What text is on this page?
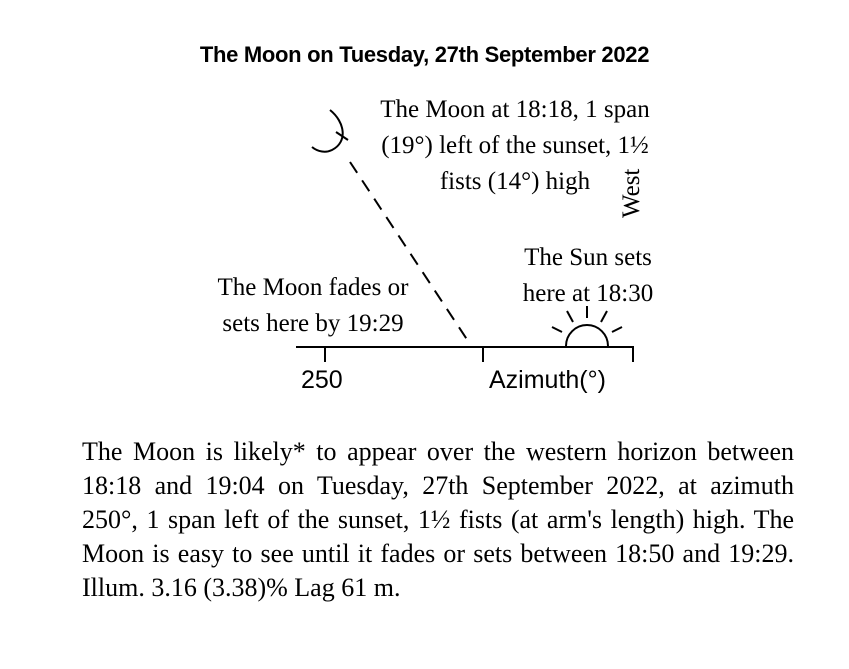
The Moon on Tuesday, 27th September 2022
The Moon at 18:18, 1 span
(19°) left of the sunset, 1½
fists (14°) high
The Moon fades or
sets here by 19:29
The Sun sets
here at 18:30
West
250	Azimuth(°)
The Moon is likely* to appear over the western horizon between 18:18 and 19:04 on Tuesday, 27th September 2022, at azimuth 250°, 1 span left of the sunset, 1½ fists (at arm's length) high. The Moon is easy to see until it fades or sets between 18:50 and 19:29. Illum. 3.16 (3.38)% Lag 61 m.
